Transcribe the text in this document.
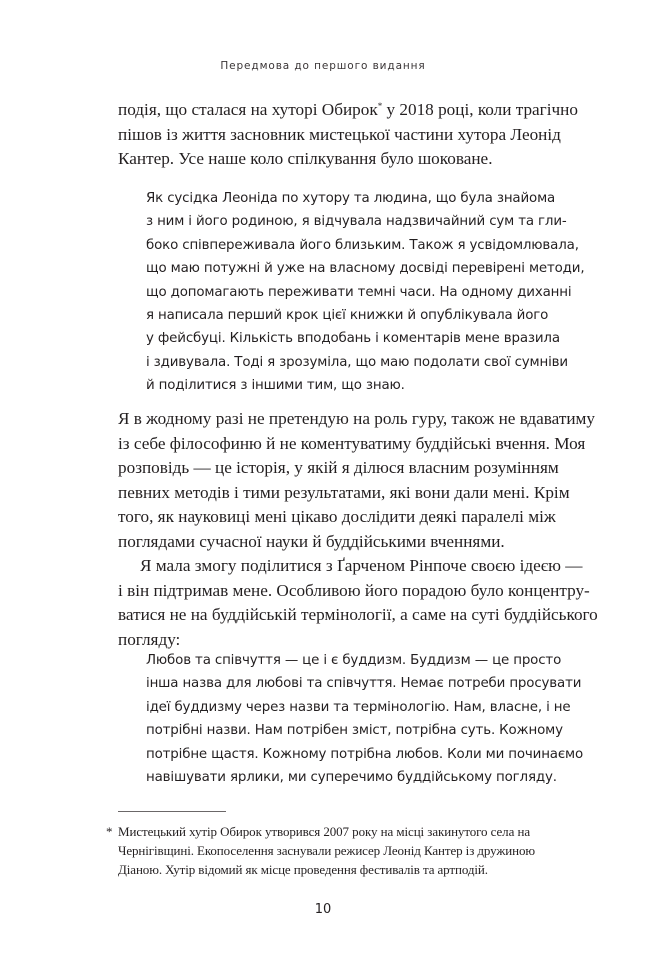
Передмова до першого видання

подія, що сталася на хуторі Обирок* у 2018 році, коли трагічно
пішов із життя засновник мистецької частини хутора Леонід
Кантер. Усе наше коло спілкування було шоковане.

Як сусідка Леоніда по хутору та людина, що була знайома
з ним і його родиною, я відчувала надзвичайний сум та гли-
боко співпереживала його близьким. Також я усвідомлювала,
що маю потужні й уже на власному досвіді перевірені методи,
що допомагають переживати темні часи. На одному диханні
я написала перший крок цієї книжки й опублікувала його
у фейсбуці. Кількість вподобань і коментарів мене вразила
і здивувала. Тоді я зрозуміла, що маю подолати свої сумніви
й поділитися з іншими тим, що знаю.

Я в жодному разі не претендую на роль гуру, також не вдаватиму
із себе філософиню й не коментуватиму буддійські вчення. Моя
розповідь — це історія, у якій я ділюся власним розумінням
певних методів і тими результатами, які вони дали мені. Крім
того, як науковиці мені цікаво дослідити деякі паралелі між
поглядами сучасної науки й буддійськими вченнями.

Я мала змогу поділитися з Ґарченом Рінпоче своєю ідеєю —
і він підтримав мене. Особливою його порадою було концентру-
ватися не на буддійській термінології, а саме на суті буддійського
погляду:

Любов та співчуття — це і є буддизм. Буддизм — це просто
інша назва для любові та співчуття. Немає потреби просувати
ідеї буддизму через назви та термінологію. Нам, власне, і не
потрібні назви. Нам потрібен зміст, потрібна суть. Кожному
потрібне щастя. Кожному потрібна любов. Коли ми починаємо
навішувати ярлики, ми суперечимо буддійському погляду.

* Мистецький хутір Обирок утворився 2007 року на місці закинутого села на
Чернігівщині. Екопоселення заснували режисер Леонід Кантер із дружиною
Діаною. Хутір відомий як місце проведення фестивалів та артподій.
10
